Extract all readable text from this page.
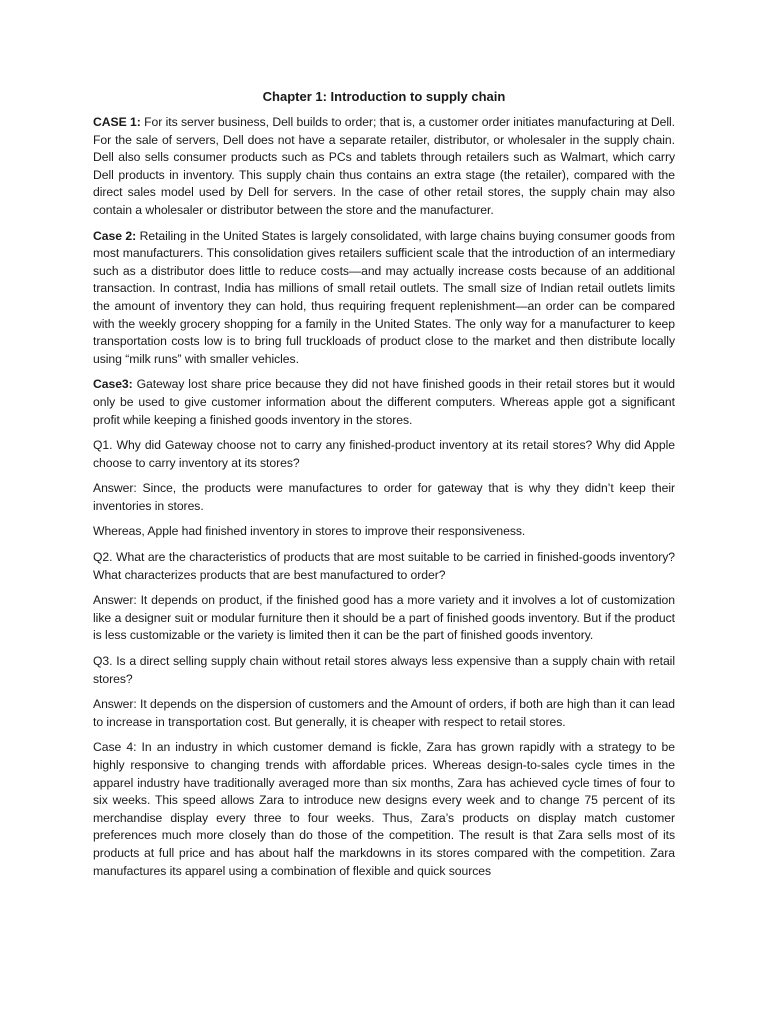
Chapter 1: Introduction to supply chain

CASE 1: For its server business, Dell builds to order; that is, a customer order initiates manufacturing at Dell. For the sale of servers, Dell does not have a separate retailer, distributor, or wholesaler in the supply chain. Dell also sells consumer products such as PCs and tablets through retailers such as Walmart, which carry Dell products in inventory. This supply chain thus contains an extra stage (the retailer), compared with the direct sales model used by Dell for servers. In the case of other retail stores, the supply chain may also contain a wholesaler or distributor between the store and the manufacturer.

Case 2: Retailing in the United States is largely consolidated, with large chains buying consumer goods from most manufacturers. This consolidation gives retailers sufficient scale that the introduction of an intermediary such as a distributor does little to reduce costs—and may actually increase costs because of an additional transaction. In contrast, India has millions of small retail outlets. The small size of Indian retail outlets limits the amount of inventory they can hold, thus requiring frequent replenishment—an order can be compared with the weekly grocery shopping for a family in the United States. The only way for a manufacturer to keep transportation costs low is to bring full truckloads of product close to the market and then distribute locally using “milk runs” with smaller vehicles.

Case3: Gateway lost share price because they did not have finished goods in their retail stores but it would only be used to give customer information about the different computers. Whereas apple got a significant profit while keeping a finished goods inventory in the stores.

Q1. Why did Gateway choose not to carry any finished-product inventory at its retail stores? Why did Apple choose to carry inventory at its stores?

Answer: Since, the products were manufactures to order for gateway that is why they didn’t keep their inventories in stores.

Whereas, Apple had finished inventory in stores to improve their responsiveness.

Q2. What are the characteristics of products that are most suitable to be carried in finished-goods inventory? What characterizes products that are best manufactured to order?

Answer: It depends on product, if the finished good has a more variety and it involves a lot of customization like a designer suit or modular furniture then it should be a part of finished goods inventory. But if the product is less customizable or the variety is limited then it can be the part of finished goods inventory.

Q3. Is a direct selling supply chain without retail stores always less expensive than a supply chain with retail stores?

Answer: It depends on the dispersion of customers and the Amount of orders, if both are high than it can lead to increase in transportation cost. But generally, it is cheaper with respect to retail stores.

Case 4: In an industry in which customer demand is fickle, Zara has grown rapidly with a strategy to be highly responsive to changing trends with affordable prices. Whereas design-to-sales cycle times in the apparel industry have traditionally averaged more than six months, Zara has achieved cycle times of four to six weeks. This speed allows Zara to introduce new designs every week and to change 75 percent of its merchandise display every three to four weeks. Thus, Zara’s products on display match customer preferences much more closely than do those of the competition. The result is that Zara sells most of its products at full price and has about half the markdowns in its stores compared with the competition. Zara manufactures its apparel using a combination of flexible and quick sources
